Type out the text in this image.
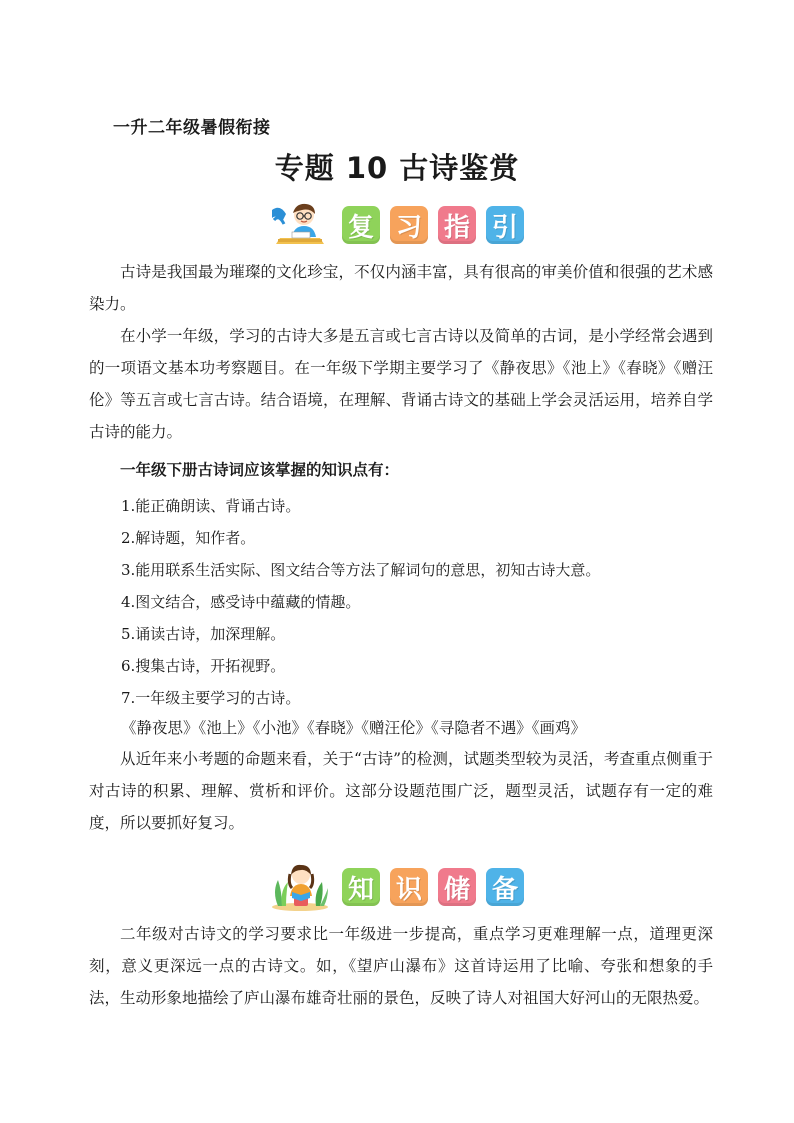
一升二年级暑假衔接
专题 10 古诗鉴赏
复 习 指 引

古诗是我国最为璀璨的文化珍宝，不仅内涵丰富，具有很高的审美价值和很强的艺术感染力。

在小学一年级，学习的古诗大多是五言或七言古诗以及简单的古词，是小学经常会遇到的一项语文基本功考察题目。在一年级下学期主要学习了《静夜思》《池上》《春晓》《赠汪伦》等五言或七言古诗。结合语境，在理解、背诵古诗文的基础上学会灵活运用，培养自学古诗的能力。

一年级下册古诗词应该掌握的知识点有：
1.能正确朗读、背诵古诗。
2.解诗题，知作者。
3.能用联系生活实际、图文结合等方法了解词句的意思，初知古诗大意。
4.图文结合，感受诗中蕴藏的情趣。
5.诵读古诗，加深理解。
6.搜集古诗，开拓视野。
7.一年级主要学习的古诗。
《静夜思》《池上》《小池》《春晓》《赠汪伦》《寻隐者不遇》《画鸡》

从近年来小考题的命题来看，关于“古诗”的检测，试题类型较为灵活，考查重点侧重于对古诗的积累、理解、赏析和评价。这部分设题范围广泛，题型灵活，试题存有一定的难度，所以要抓好复习。

知 识 储 备

二年级对古诗文的学习要求比一年级进一步提高，重点学习更难理解一点，道理更深刻，意义更深远一点的古诗文。如，《望庐山瀑布》这首诗运用了比喻、夸张和想象的手法，生动形象地描绘了庐山瀑布雄奇壮丽的景色，反映了诗人对祖国大好河山的无限热爱。
